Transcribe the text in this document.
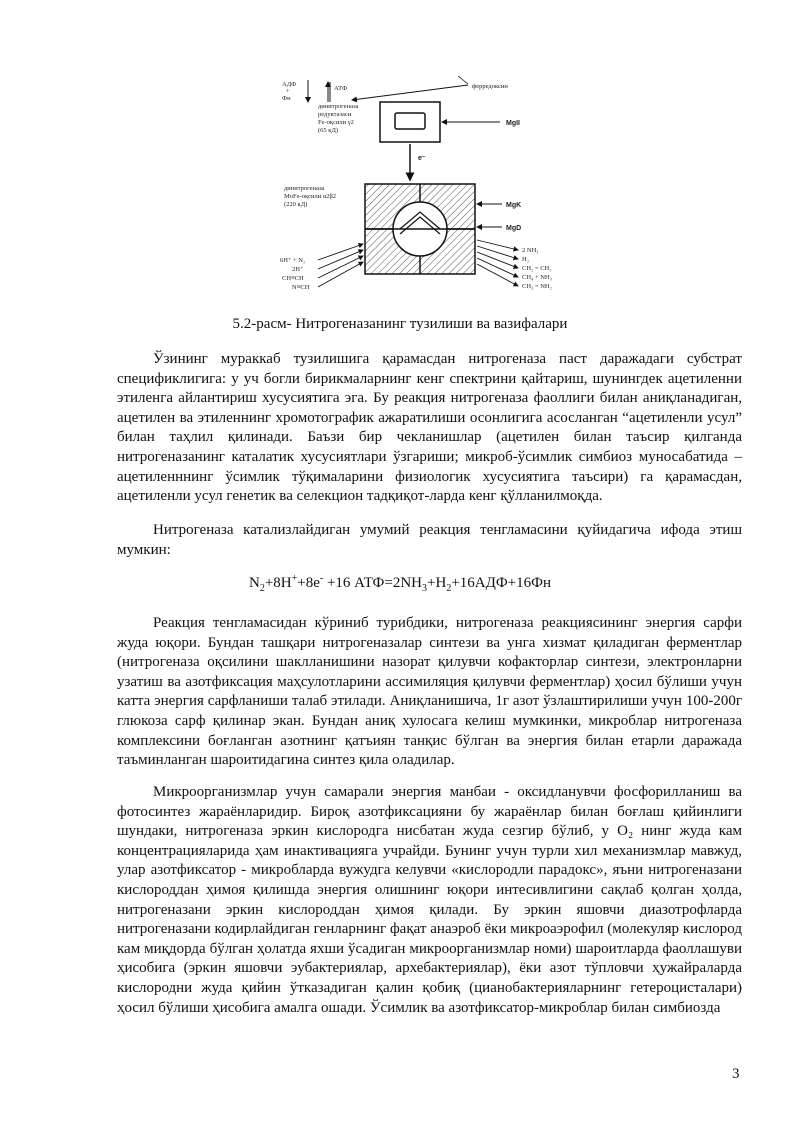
АДФ
+
Фн
АТФ	ферредоксин
динитрогеназа
редуктазаси
Fe-оқсили γ2
(65 кД)
MgII
e⁻
динитрогеназа
MoFe-оқсили α2β2
(220 кД)	MgK
MgD
6H⁺ + N₂
2H⁺
CH≡CH
N≡CH
2 NH₃
H₂
CH₂ = CH₂
CH₄ + NH₃
CH₃ = NH₂
5.2-расм- Нитрогеназанинг тузилиши ва вазифалари

Ўзининг мураккаб тузилишига қарамасдан нитрогеназа паст даражадаги субстрат спецификлигига: у уч богли бирикмаларнинг кенг спектрини қайтариш, шунингдек ацетиленни этиленга айлантириш хусусиятига эга. Бу реакция нитрогеназа фаоллиги билан аниқланадиган, ацетилен ва этиленнинг хромотографик ажаратилиши осонлигига асосланган “ацетиленли усул” билан таҳлил қилинади. Баъзи бир чекланишлар (ацетилен билан таъсир қилганда нитрогеназанинг каталатик хусусиятлари ўзгариши; микроб-ўсимлик симбиоз муносабатида – ацетиленннинг ўсимлик тўқималарини физиологик хусусиятига таъсири) га қарамасдан, ацетиленли усул генетик ва селекцион тадқиқот-ларда кенг қўлланилмоқда.

Нитрогеназа катализлайдиган умумий реакция тенгламасини қуйидагича ифода этиш мумкин:

$N_2+8H^++8e^- +16$ $АТФ=2NH_3+H_2+16АДФ+16Фн$

Реакция тенгламасидан кўриниб турибдики, нитрогеназа реакциясининг энергия сарфи жуда юқори. Бундан ташқари нитрогеназалар синтези ва унга хизмат қиладиган ферментлар (нитрогеназа оқсилини шаклланишини назорат қилувчи кофакторлар синтези, электронларни узатиш ва азотфиксация маҳсулотларини ассимиляция қилувчи ферментлар) ҳосил бўлиши учун катта энергия сарфланиши талаб этилади. Аниқланишича, 1г азот ўзлаштирилиши учун 100-200г глюкоза сарф қилинар экан. Бундан аниқ хулосага келиш мумкинки, микроблар нитрогеназа комплексини боғланган азотнинг қатъиян танқис бўлган ва энергия билан етарли даражада таъминланган шароитидагина синтез қила оладилар.

Микроорганизмлар учун самарали энергия манбаи - оксидланувчи фосфорилланиш ва фотосинтез жараёнларидир. Бироқ азотфиксацияни бу жараёнлар билан боғлаш қийинлиги шундаки, нитрогеназа эркин кислородга нисбатан жуда сезгир бўлиб, у O₂ нинг жуда кам концентрацияларида ҳам инактивацияга учрайди. Бунинг учун турли хил механизмлар мавжуд, улар азотфиксатор - микробларда вужудга келувчи «кислородли парадокс», яъни нитрогеназани кислороддан ҳимоя қилишда энергия олишнинг юқори интесивлигини сақлаб қолган ҳолда, нитрогеназани эркин кислороддан ҳимоя қилади. Бу эркин яшовчи диазотрофларда нитрогеназани кодирлайдиган генларнинг фақат анаэроб ёки микроаэрофил (молекуляр кислород кам миқдорда бўлган ҳолатда яхши ўсадиган микроорганизмлар номи) шароитларда фаоллашуви ҳисобига (эркин яшовчи эубактериялар, архебактериялар), ёки азот тўпловчи ҳужайраларда кислородни жуда қийин ўтказадиган қалин қобиқ (цианобактерияларнинг гетероцисталари) ҳосил бўлиши ҳисобига амалга ошади. Ўсимлик ва азотфиксатор-микроблар билан симбиозда

3
